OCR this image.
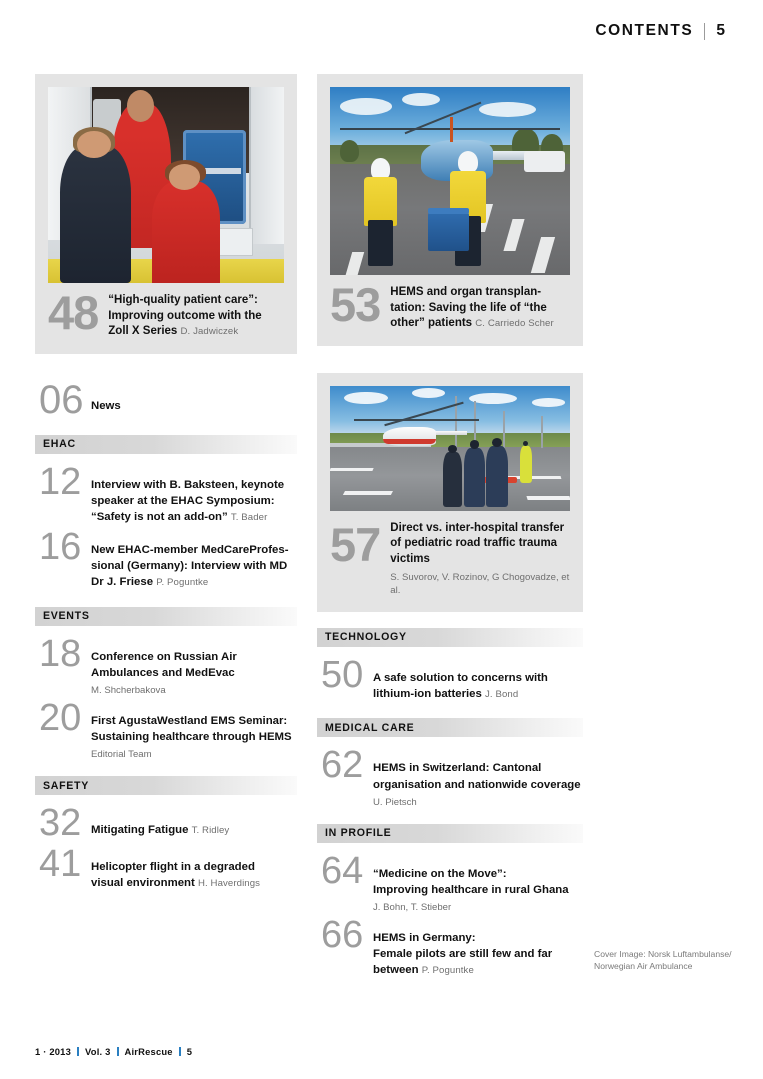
CONTENTS 5
48 “High-quality patient care”:
Improving outcome with the
Zoll X Series D. Jadwiczek
06 News
EHAC
12 Interview with B. Baksteen, keynote
speaker at the EHAC Symposium:
“Safety is not an add-on” T. Bader
16 New EHAC-member MedCareProfes-
sional (Germany): Interview with MD
Dr J. Friese P. Poguntke
EVENTS
18 Conference on Russian Air
Ambulances and MedEvac
M. Shcherbakova
20 First AgustaWestland EMS Seminar:
Sustaining healthcare through HEMS
Editorial Team
SAFETY
32 Mitigating Fatigue T. Ridley
41 Helicopter flight in a degraded
visual environment H. Haverdings
53 HEMS and organ transplan-
tation: Saving the life of “the
other” patients C. Carriedo Scher
57 Direct vs. inter-hospital transfer
of pediatric road traffic trauma
victims
S. Suvorov, V. Rozinov, G Chogovadze, et al.
TECHNOLOGY
50 A safe solution to concerns with
lithium-ion batteries J. Bond
MEDICAL CARE
62 HEMS in Switzerland: Cantonal
organisation and nationwide coverage
U. Pietsch
IN PROFILE
64 “Medicine on the Move”:
Improving healthcare in rural Ghana
J. Bohn, T. Stieber
66 HEMS in Germany:
Female pilots are still few and far
between P. Poguntke
Cover Image: Norsk Luftambulanse/
Norwegian Air Ambulance
1 · 2013 Vol. 3 AirRescue 5
